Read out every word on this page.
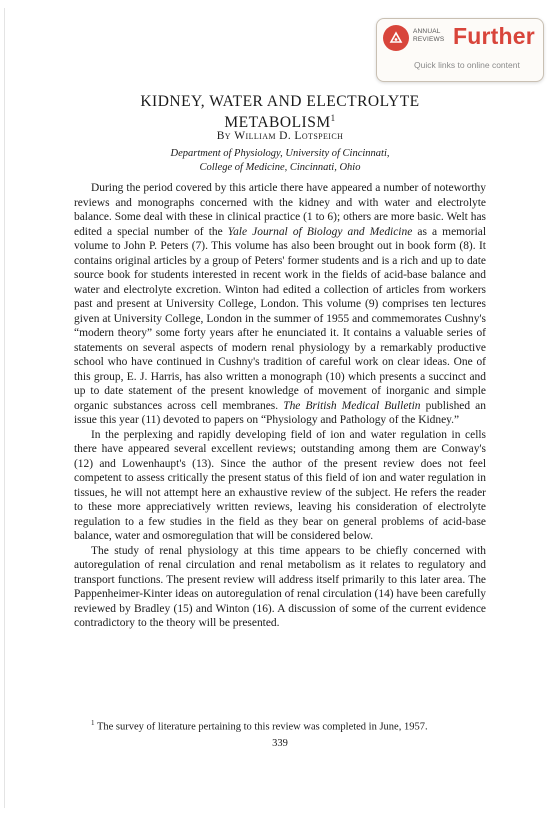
ANNUAL
REVIEWS Further
Quick links to online content
KIDNEY, WATER AND ELECTROLYTE
METABOLISM$^1$
By William D. Lotspeich
Department of Physiology, University of Cincinnati,
College of Medicine, Cincinnati, Ohio

During the period covered by this article there have appeared a number of noteworthy reviews and monographs concerned with the kidney and with water and electrolyte balance. Some deal with these in clinical practice (1 to 6); others are more basic. Welt has edited a special number of the Yale Journal of Biology and Medicine as a memorial volume to John P. Peters (7). This volume has also been brought out in book form (8). It contains original articles by a group of Peters' former students and is a rich and up to date source book for students interested in recent work in the fields of acid-base balance and water and electrolyte excretion. Winton had edited a collection of articles from workers past and present at University College, London. This volume (9) comprises ten lectures given at University College, London in the summer of 1955 and commemorates Cushny's “modern theory” some forty years after he enunciated it. It contains a valuable series of statements on several aspects of modern renal physiology by a remarkably productive school who have continued in Cushny's tradition of careful work on clear ideas. One of this group, E. J. Harris, has also written a monograph (10) which presents a succinct and up to date statement of the present knowledge of movement of inorganic and simple organic substances across cell membranes. The British Medical Bulletin published an issue this year (11) devoted to papers on “Physiology and Pathology of the Kidney.”

In the perplexing and rapidly developing field of ion and water regulation in cells there have appeared several excellent reviews; outstanding among them are Conway's (12) and Lowenhaupt's (13). Since the author of the present review does not feel competent to assess critically the present status of this field of ion and water regulation in tissues, he will not attempt here an exhaustive review of the subject. He refers the reader to these more appreciatively written reviews, leaving his consideration of electrolyte regulation to a few studies in the field as they bear on general problems of acid-base balance, water and osmoregulation that will be considered below.

The study of renal physiology at this time appears to be chiefly concerned with autoregulation of renal circulation and renal metabolism as it relates to regulatory and transport functions. The present review will address itself primarily to this later area. The Pappenheimer-Kinter ideas on autoregulation of renal circulation (14) have been carefully reviewed by Bradley (15) and Winton (16). A discussion of some of the current evidence contradictory to the theory will be presented.

$^1$ The survey of literature pertaining to this review was completed in June, 1957.
339
